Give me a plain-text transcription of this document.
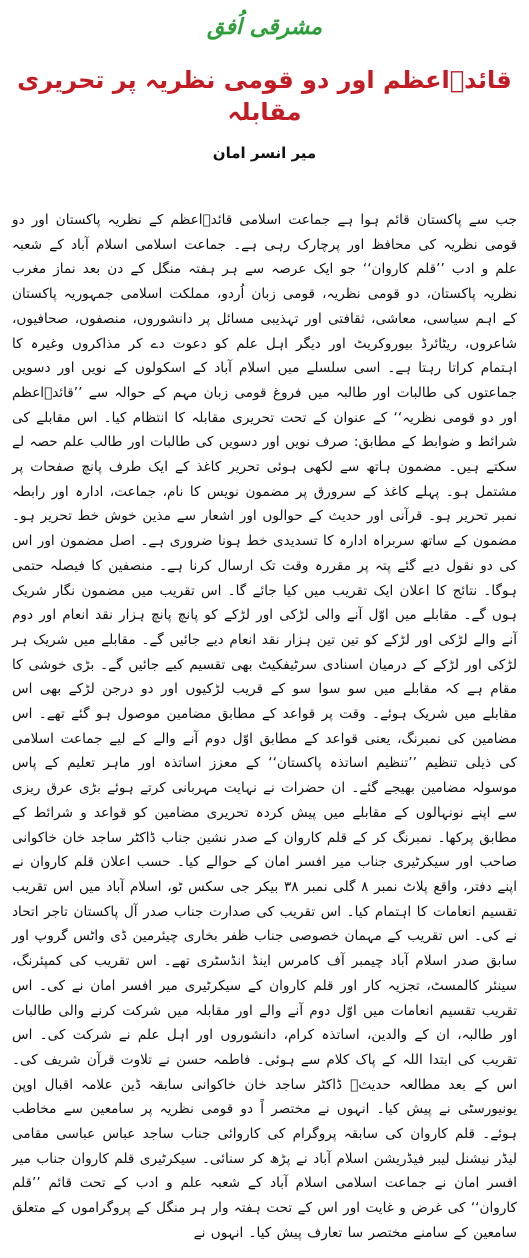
مشرقی اُفق
قائدؒاعظم اور دو قومی نظریہ پر تحریری مقابلہ
میر انسر امان

جب سے پاکستان قائم ہوا ہے جماعت اسلامی قائدؒاعظم کے نظریہ پاکستان اور دو قومی نظریہ کی محافظ اور پرچارک رہی ہے۔ جماعت اسلامی اسلام آباد کے شعبہ علم و ادب ’’قلم کاروان‘‘ جو ایک عرصہ سے ہر ہفتہ منگل کے دن بعد نماز مغرب نظریہ پاکستان، دو قومی نظریہ، قومی زبان اُردو، مملکت اسلامی جمہوریہ پاکستان کے اہم سیاسی، معاشی، ثقافتی اور تہذیبی مسائل پر دانشوروں، منصفوں، صحافیوں، شاعروں، ریٹائرڈ بیوروکریٹ اور دیگر اہل علم کو دعوت دے کر مذاکروں وغیرہ کا اہتمام کراتا رہتا ہے۔ اسی سلسلے میں اسلام آباد کے اسکولوں کے نویں اور دسویں جماعتوں کی طالبات اور طالبہ میں فروغ قومی زبان مہم کے حوالہ سے ’’قائدؒاعظم اور دو قومی نظریہ‘‘ کے عنوان کے تحت تحریری مقابلہ کا انتظام کیا۔ اس مقابلے کی شرائط و ضوابط کے مطابق: صرف نویں اور دسویں کی طالبات اور طالب علم حصہ لے سکتے ہیں۔ مضمون ہاتھ سے لکھی ہوئی تحریر کاغذ کے ایک طرف پانچ صفحات پر مشتمل ہو۔ پہلے کاغذ کے سرورق پر مضمون نویس کا نام، جماعت، ادارہ اور رابطہ نمبر تحریر ہو۔ قرآنی اور حدیث کے حوالوں اور اشعار سے مذین خوش خط تحریر ہو۔ مضمون کے ساتھ سربراہ ادارہ کا تسدیدی خط ہونا ضروری ہے۔ اصل مضمون اور اس کی دو نقول دیے گئے پتہ پر مقررہ وقت تک ارسال کرنا ہے۔ منصفین کا فیصلہ حتمی ہوگا۔ نتائج کا اعلان ایک تقریب میں کیا جائے گا۔ اس تقریب میں مضمون نگار شریک ہوں گے۔ مقابلے میں اوّل آنے والی لڑکی اور لڑکے کو پانچ پانچ ہزار نقد انعام اور دوم آنے والے لڑکی اور لڑکے کو تین تین ہزار نقد انعام دیے جائیں گے۔ مقابلے میں شریک ہر لڑکی اور لڑکے کے درمیان اسنادی سرٹیفکیٹ بھی تقسیم کیے جائیں گے۔ بڑی خوشی کا مقام ہے کہ مقابلے میں سو سوا سو کے قریب لڑکیوں اور دو درجن لڑکے بھی اس مقابلے میں شریک ہوئے۔ وقت پر قواعد کے مطابق مضامین موصول ہو گئے تھے۔ اس مضامین کی نمبرنگ، یعنی قواعد کے مطابق اوّل دوم آنے والے کے لیے جماعت اسلامی کی ذیلی تنظیم ’’تنظیم اساتذہ پاکستان‘‘ کے معزز اساتذہ اور ماہر تعلیم کے پاس موسولہ مضامین بھیجے گئے۔ ان حضرات نے نہایت مہربانی کرتے ہوئے بڑی عرق ریزی سے اپنے نونہالوں کے مقابلے میں پیش کردہ تحریری مضامین کو قواعد و شرائط کے مطابق پرکھا۔ نمبرنگ کر کے قلم کاروان کے صدر نشین جناب ڈاکٹر ساجد خان خاکوانی صاحب اور سیکرٹیری جناب میر افسر امان کے حوالے کیا۔ حسب اعلان قلم کاروان نے اپنے دفتر، واقع پلاٹ نمبر ۸ گلی نمبر ۳۸ بیکر جی سکس ٹو، اسلام آباد میں اس تقریب تقسیم انعامات کا اہتمام کیا۔ اس تقریب کی صدارت جناب صدر آل پاکستان تاجر اتحاد نے کی۔ اس تقریب کے مہمان خصوصی جناب ظفر بخاری چیئرمین ڈی واٹس گروپ اور سابق صدر اسلام آباد چیمبر آف کامرس اینڈ انڈسٹری تھے۔ اس تقریب کی کمپئرنگ، سینئر کالمسٹ، تجزیہ کار اور قلم کاروان کے سیکرٹیری میر افسر امان نے کی۔ اس تقریب تقسیم انعامات میں اوّل دوم آنے والے اور مقابلہ میں شرکت کرنے والی طالبات اور طالبہ، ان کے والدین، اساتذہ کرام، دانشوروں اور اہل علم نے شرکت کی۔ اس تقریب کی ابتدا اللہ کے پاک کلام سے ہوئی۔ فاطمہ حسن نے تلاوت قرآن شریف کی۔ اس کے بعد مطالعہ حدیثؐ ڈاکٹر ساجد خان خاکوانی سابقہ ڈین علامہ اقبال اوپن یونیورسٹی نے پیش کیا۔ انہوں نے مختصر اً دو قومی نظریہ پر سامعین سے مخاطب ہوئے۔ قلم کاروان کی سابقہ پروگرام کی کاروائی جناب ساجد عباس عباسی مقامی لیڈر نیشنل لیبر فیڈریشن اسلام آباد نے پڑھ کر سنائی۔ سیکرٹیری قلم کاروان جناب میر افسر امان نے جماعت اسلامی اسلام آباد کے شعبہ علم و ادب کے تحت قائم ’’قلم کاروان‘‘ کی غرض و غایت اور اس کے تحت ہفتہ وار ہر منگل کے پروگراموں کے متعلق سامعین کے سامنے مختصر سا تعارف پیش کیا۔ انہوں نے
